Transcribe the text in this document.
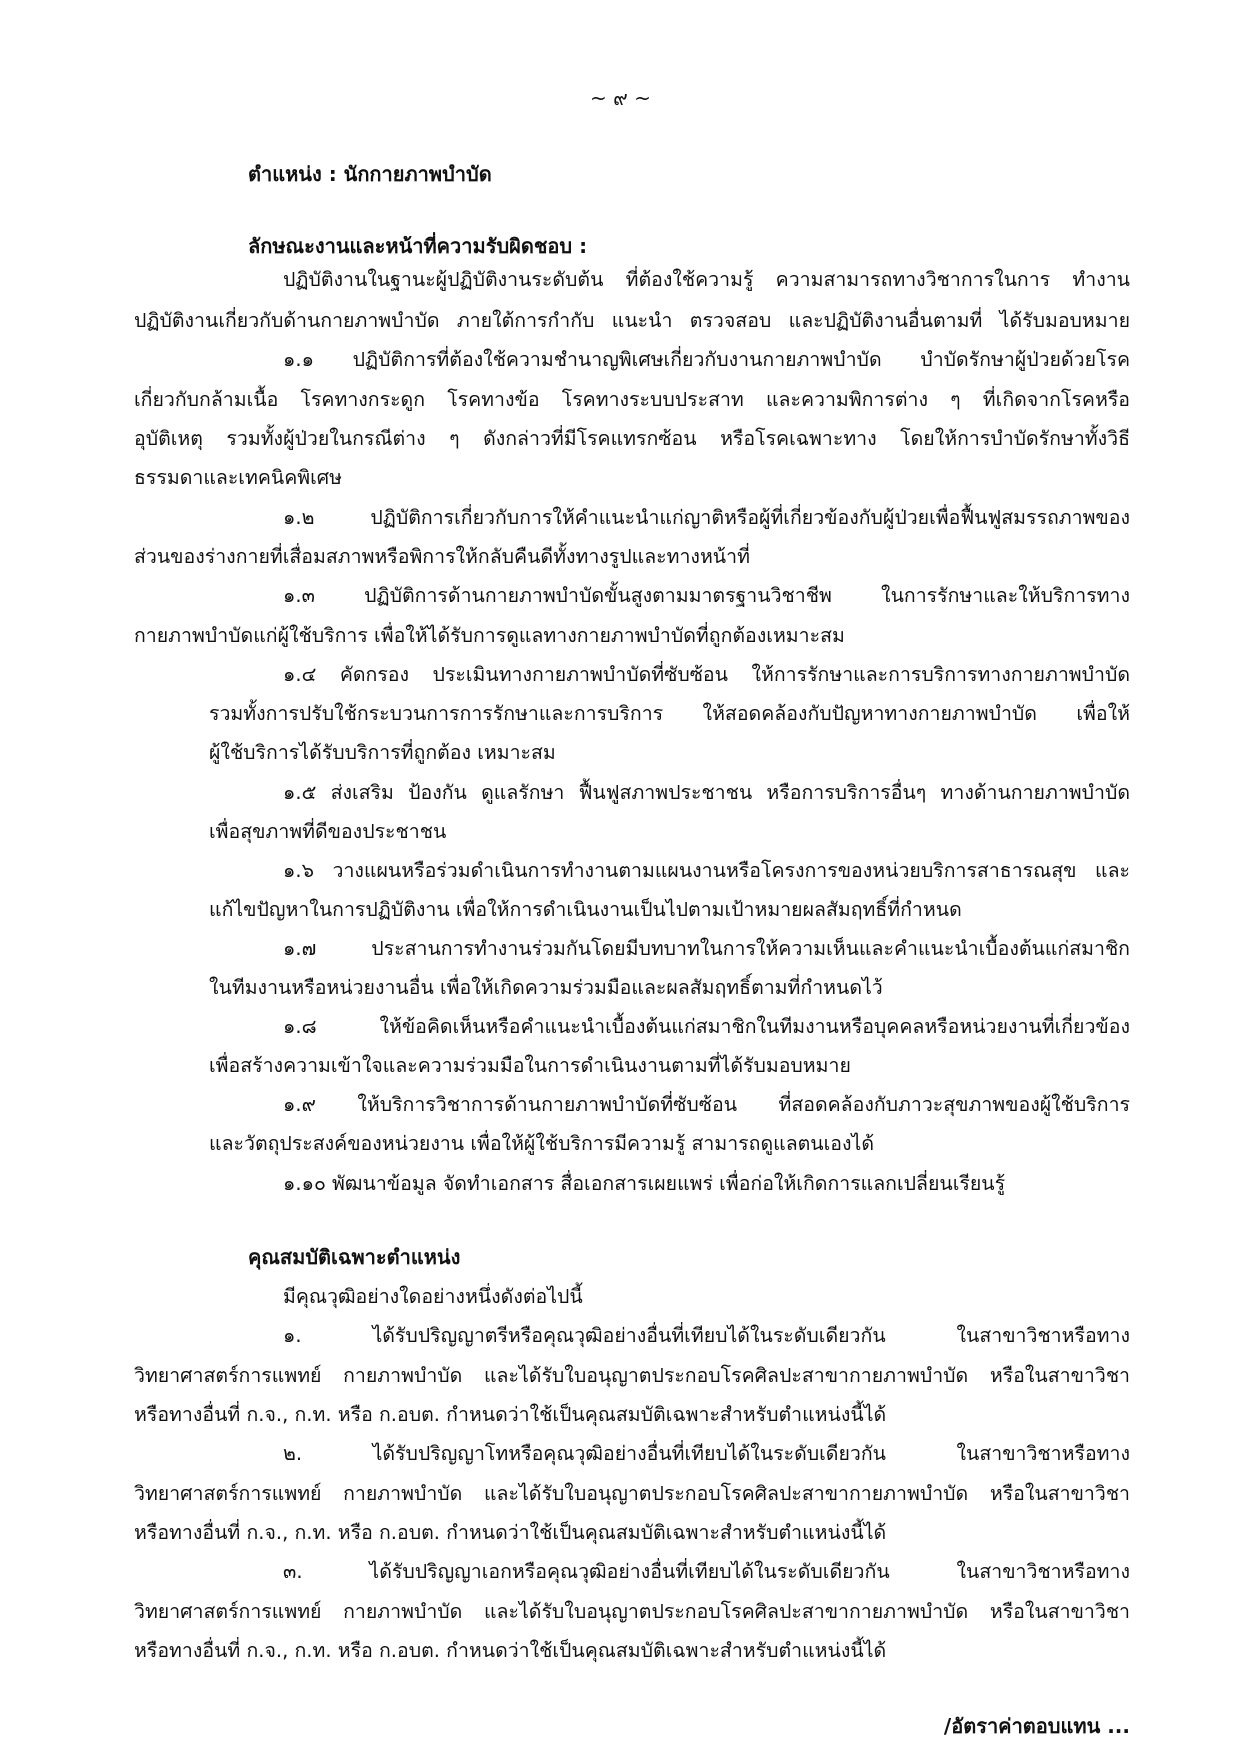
~ ๙ ~
ตำแหน่ง : นักกายภาพบำบัด
ลักษณะงานและหน้าที่ความรับผิดชอบ :
ปฏิบัติงานในฐานะผู้ปฏิบัติงานระดับต้น ที่ต้องใช้ความรู้ ความสามารถทางวิชาการในการ ทำงาน
ปฏิบัติงานเกี่ยวกับด้านกายภาพบำบัด ภายใต้การกำกับ แนะนำ ตรวจสอบ และปฏิบัติงานอื่นตามที่ ได้รับมอบหมาย
๑.๑ ปฏิบัติการที่ต้องใช้ความชำนาญพิเศษเกี่ยวกับงานกายภาพบำบัด บำบัดรักษาผู้ป่วยด้วยโรค
เกี่ยวกับกล้ามเนื้อ โรคทางกระดูก โรคทางข้อ โรคทางระบบประสาท และความพิการต่าง ๆ ที่เกิดจากโรคหรือ
อุบัติเหตุ รวมทั้งผู้ป่วยในกรณีต่าง ๆ ดังกล่าวที่มีโรคแทรกซ้อน หรือโรคเฉพาะทาง โดยให้การบำบัดรักษาทั้งวิธี
ธรรมดาและเทคนิคพิเศษ
๑.๒ ปฏิบัติการเกี่ยวกับการให้คำแนะนำแก่ญาติหรือผู้ที่เกี่ยวข้องกับผู้ป่วยเพื่อฟื้นฟูสมรรถภาพของ
ส่วนของร่างกายที่เสื่อมสภาพหรือพิการให้กลับคืนดีทั้งทางรูปและทางหน้าที่
๑.๓ ปฏิบัติการด้านกายภาพบำบัดขั้นสูงตามมาตรฐานวิชาชีพ ในการรักษาและให้บริการทาง
กายภาพบำบัดแก่ผู้ใช้บริการ เพื่อให้ได้รับการดูแลทางกายภาพบำบัดที่ถูกต้องเหมาะสม
๑.๔ คัดกรอง ประเมินทางกายภาพบำบัดที่ซับซ้อน ให้การรักษาและการบริการทางกายภาพบำบัด
รวมทั้งการปรับใช้กระบวนการการรักษาและการบริการ ให้สอดคล้องกับปัญหาทางกายภาพบำบัด เพื่อให้
ผู้ใช้บริการได้รับบริการที่ถูกต้อง เหมาะสม
๑.๕ ส่งเสริม ป้องกัน ดูแลรักษา ฟื้นฟูสภาพประชาชน หรือการบริการอื่นๆ ทางด้านกายภาพบำบัด
เพื่อสุขภาพที่ดีของประชาชน
๑.๖ วางแผนหรือร่วมดำเนินการทำงานตามแผนงานหรือโครงการของหน่วยบริการสาธารณสุข และ
แก้ไขปัญหาในการปฏิบัติงาน เพื่อให้การดำเนินงานเป็นไปตามเป้าหมายผลสัมฤทธิ์ที่กำหนด
๑.๗ ประสานการทำงานร่วมกันโดยมีบทบาทในการให้ความเห็นและคำแนะนำเบื้องต้นแก่สมาชิก
ในทีมงานหรือหน่วยงานอื่น เพื่อให้เกิดความร่วมมือและผลสัมฤทธิ์ตามที่กำหนดไว้
๑.๘ ให้ข้อคิดเห็นหรือคำแนะนำเบื้องต้นแก่สมาชิกในทีมงานหรือบุคคลหรือหน่วยงานที่เกี่ยวข้อง
เพื่อสร้างความเข้าใจและความร่วมมือในการดำเนินงานตามที่ได้รับมอบหมาย
๑.๙ ให้บริการวิชาการด้านกายภาพบำบัดที่ซับซ้อน ที่สอดคล้องกับภาวะสุขภาพของผู้ใช้บริการ
และวัตถุประสงค์ของหน่วยงาน เพื่อให้ผู้ใช้บริการมีความรู้ สามารถดูแลตนเองได้
๑.๑๐ พัฒนาข้อมูล จัดทำเอกสาร สื่อเอกสารเผยแพร่ เพื่อก่อให้เกิดการแลกเปลี่ยนเรียนรู้
คุณสมบัติเฉพาะตำแหน่ง
มีคุณวุฒิอย่างใดอย่างหนึ่งดังต่อไปนี้
๑. ได้รับปริญญาตรีหรือคุณวุฒิอย่างอื่นที่เทียบได้ในระดับเดียวกัน ในสาขาวิชาหรือทาง
วิทยาศาสตร์การแพทย์ กายภาพบำบัด และได้รับใบอนุญาตประกอบโรคศิลปะสาขากายภาพบำบัด หรือในสาขาวิชา
หรือทางอื่นที่ ก.จ., ก.ท. หรือ ก.อบต. กำหนดว่าใช้เป็นคุณสมบัติเฉพาะสำหรับตำแหน่งนี้ได้
๒. ได้รับปริญญาโทหรือคุณวุฒิอย่างอื่นที่เทียบได้ในระดับเดียวกัน ในสาขาวิชาหรือทาง
วิทยาศาสตร์การแพทย์ กายภาพบำบัด และได้รับใบอนุญาตประกอบโรคศิลปะสาขากายภาพบำบัด หรือในสาขาวิชา
หรือทางอื่นที่ ก.จ., ก.ท. หรือ ก.อบต. กำหนดว่าใช้เป็นคุณสมบัติเฉพาะสำหรับตำแหน่งนี้ได้
๓. ได้รับปริญญาเอกหรือคุณวุฒิอย่างอื่นที่เทียบได้ในระดับเดียวกัน ในสาขาวิชาหรือทาง
วิทยาศาสตร์การแพทย์ กายภาพบำบัด และได้รับใบอนุญาตประกอบโรคศิลปะสาขากายภาพบำบัด หรือในสาขาวิชา
หรือทางอื่นที่ ก.จ., ก.ท. หรือ ก.อบต. กำหนดว่าใช้เป็นคุณสมบัติเฉพาะสำหรับตำแหน่งนี้ได้
/อัตราค่าตอบแทน ...
